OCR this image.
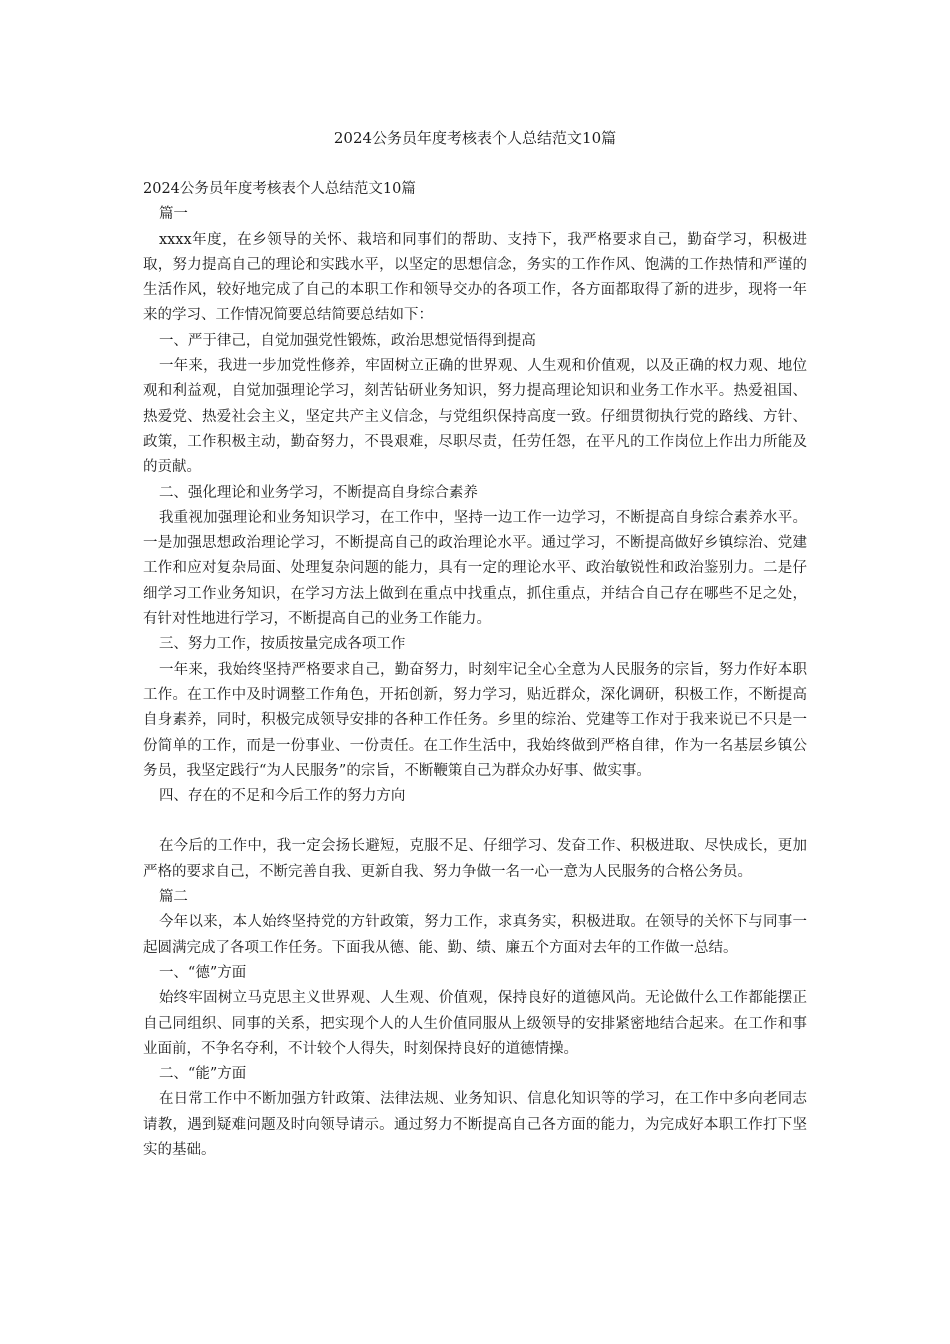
2024公务员年度考核表个人总结范文10篇

2024公务员年度考核表个人总结范文10篇

篇一

xxxx年度，在乡领导的关怀、栽培和同事们的帮助、支持下，我严格要求自己，勤奋学习，积极进取，努力提高自己的理论和实践水平，以坚定的思想信念，务实的工作作风、饱满的工作热情和严谨的生活作风，较好地完成了自己的本职工作和领导交办的各项工作，各方面都取得了新的进步，现将一年来的学习、工作情况简要总结简要总结如下：

一、严于律己，自觉加强党性锻炼，政治思想觉悟得到提高

一年来，我进一步加党性修养，牢固树立正确的世界观、人生观和价值观，以及正确的权力观、地位观和利益观，自觉加强理论学习，刻苦钻研业务知识，努力提高理论知识和业务工作水平。热爱祖国、热爱党、热爱社会主义，坚定共产主义信念，与党组织保持高度一致。仔细贯彻执行党的路线、方针、政策，工作积极主动，勤奋努力，不畏艰难，尽职尽责，任劳任怨，在平凡的工作岗位上作出力所能及的贡献。

二、强化理论和业务学习，不断提高自身综合素养

我重视加强理论和业务知识学习，在工作中，坚持一边工作一边学习，不断提高自身综合素养水平。一是加强思想政治理论学习，不断提高自己的政治理论水平。通过学习，不断提高做好乡镇综治、党建工作和应对复杂局面、处理复杂问题的能力，具有一定的理论水平、政治敏锐性和政治鉴别力。二是仔细学习工作业务知识，在学习方法上做到在重点中找重点，抓住重点，并结合自己存在哪些不足之处，有针对性地进行学习，不断提高自己的业务工作能力。

三、努力工作，按质按量完成各项工作

一年来，我始终坚持严格要求自己，勤奋努力，时刻牢记全心全意为人民服务的宗旨，努力作好本职工作。在工作中及时调整工作角色，开拓创新，努力学习，贴近群众，深化调研，积极工作，不断提高自身素养，同时，积极完成领导安排的各种工作任务。乡里的综治、党建等工作对于我来说已不只是一份简单的工作，而是一份事业、一份责任。在工作生活中，我始终做到严格自律，作为一名基层乡镇公务员，我坚定践行“为人民服务”的宗旨，不断鞭策自己为群众办好事、做实事。

四、存在的不足和今后工作的努力方向

在今后的工作中，我一定会扬长避短，克服不足、仔细学习、发奋工作、积极进取、尽快成长，更加严格的要求自己，不断完善自我、更新自我、努力争做一名一心一意为人民服务的合格公务员。

篇二

今年以来，本人始终坚持党的方针政策，努力工作，求真务实，积极进取。在领导的关怀下与同事一起圆满完成了各项工作任务。下面我从德、能、勤、绩、廉五个方面对去年的工作做一总结。

一、“德”方面

始终牢固树立马克思主义世界观、人生观、价值观，保持良好的道德风尚。无论做什么工作都能摆正自己同组织、同事的关系，把实现个人的人生价值同服从上级领导的安排紧密地结合起来。在工作和事业面前，不争名夺利，不计较个人得失，时刻保持良好的道德情操。

二、“能”方面

在日常工作中不断加强方针政策、法律法规、业务知识、信息化知识等的学习，在工作中多向老同志请教，遇到疑难问题及时向领导请示。通过努力不断提高自己各方面的能力，为完成好本职工作打下坚实的基础。
